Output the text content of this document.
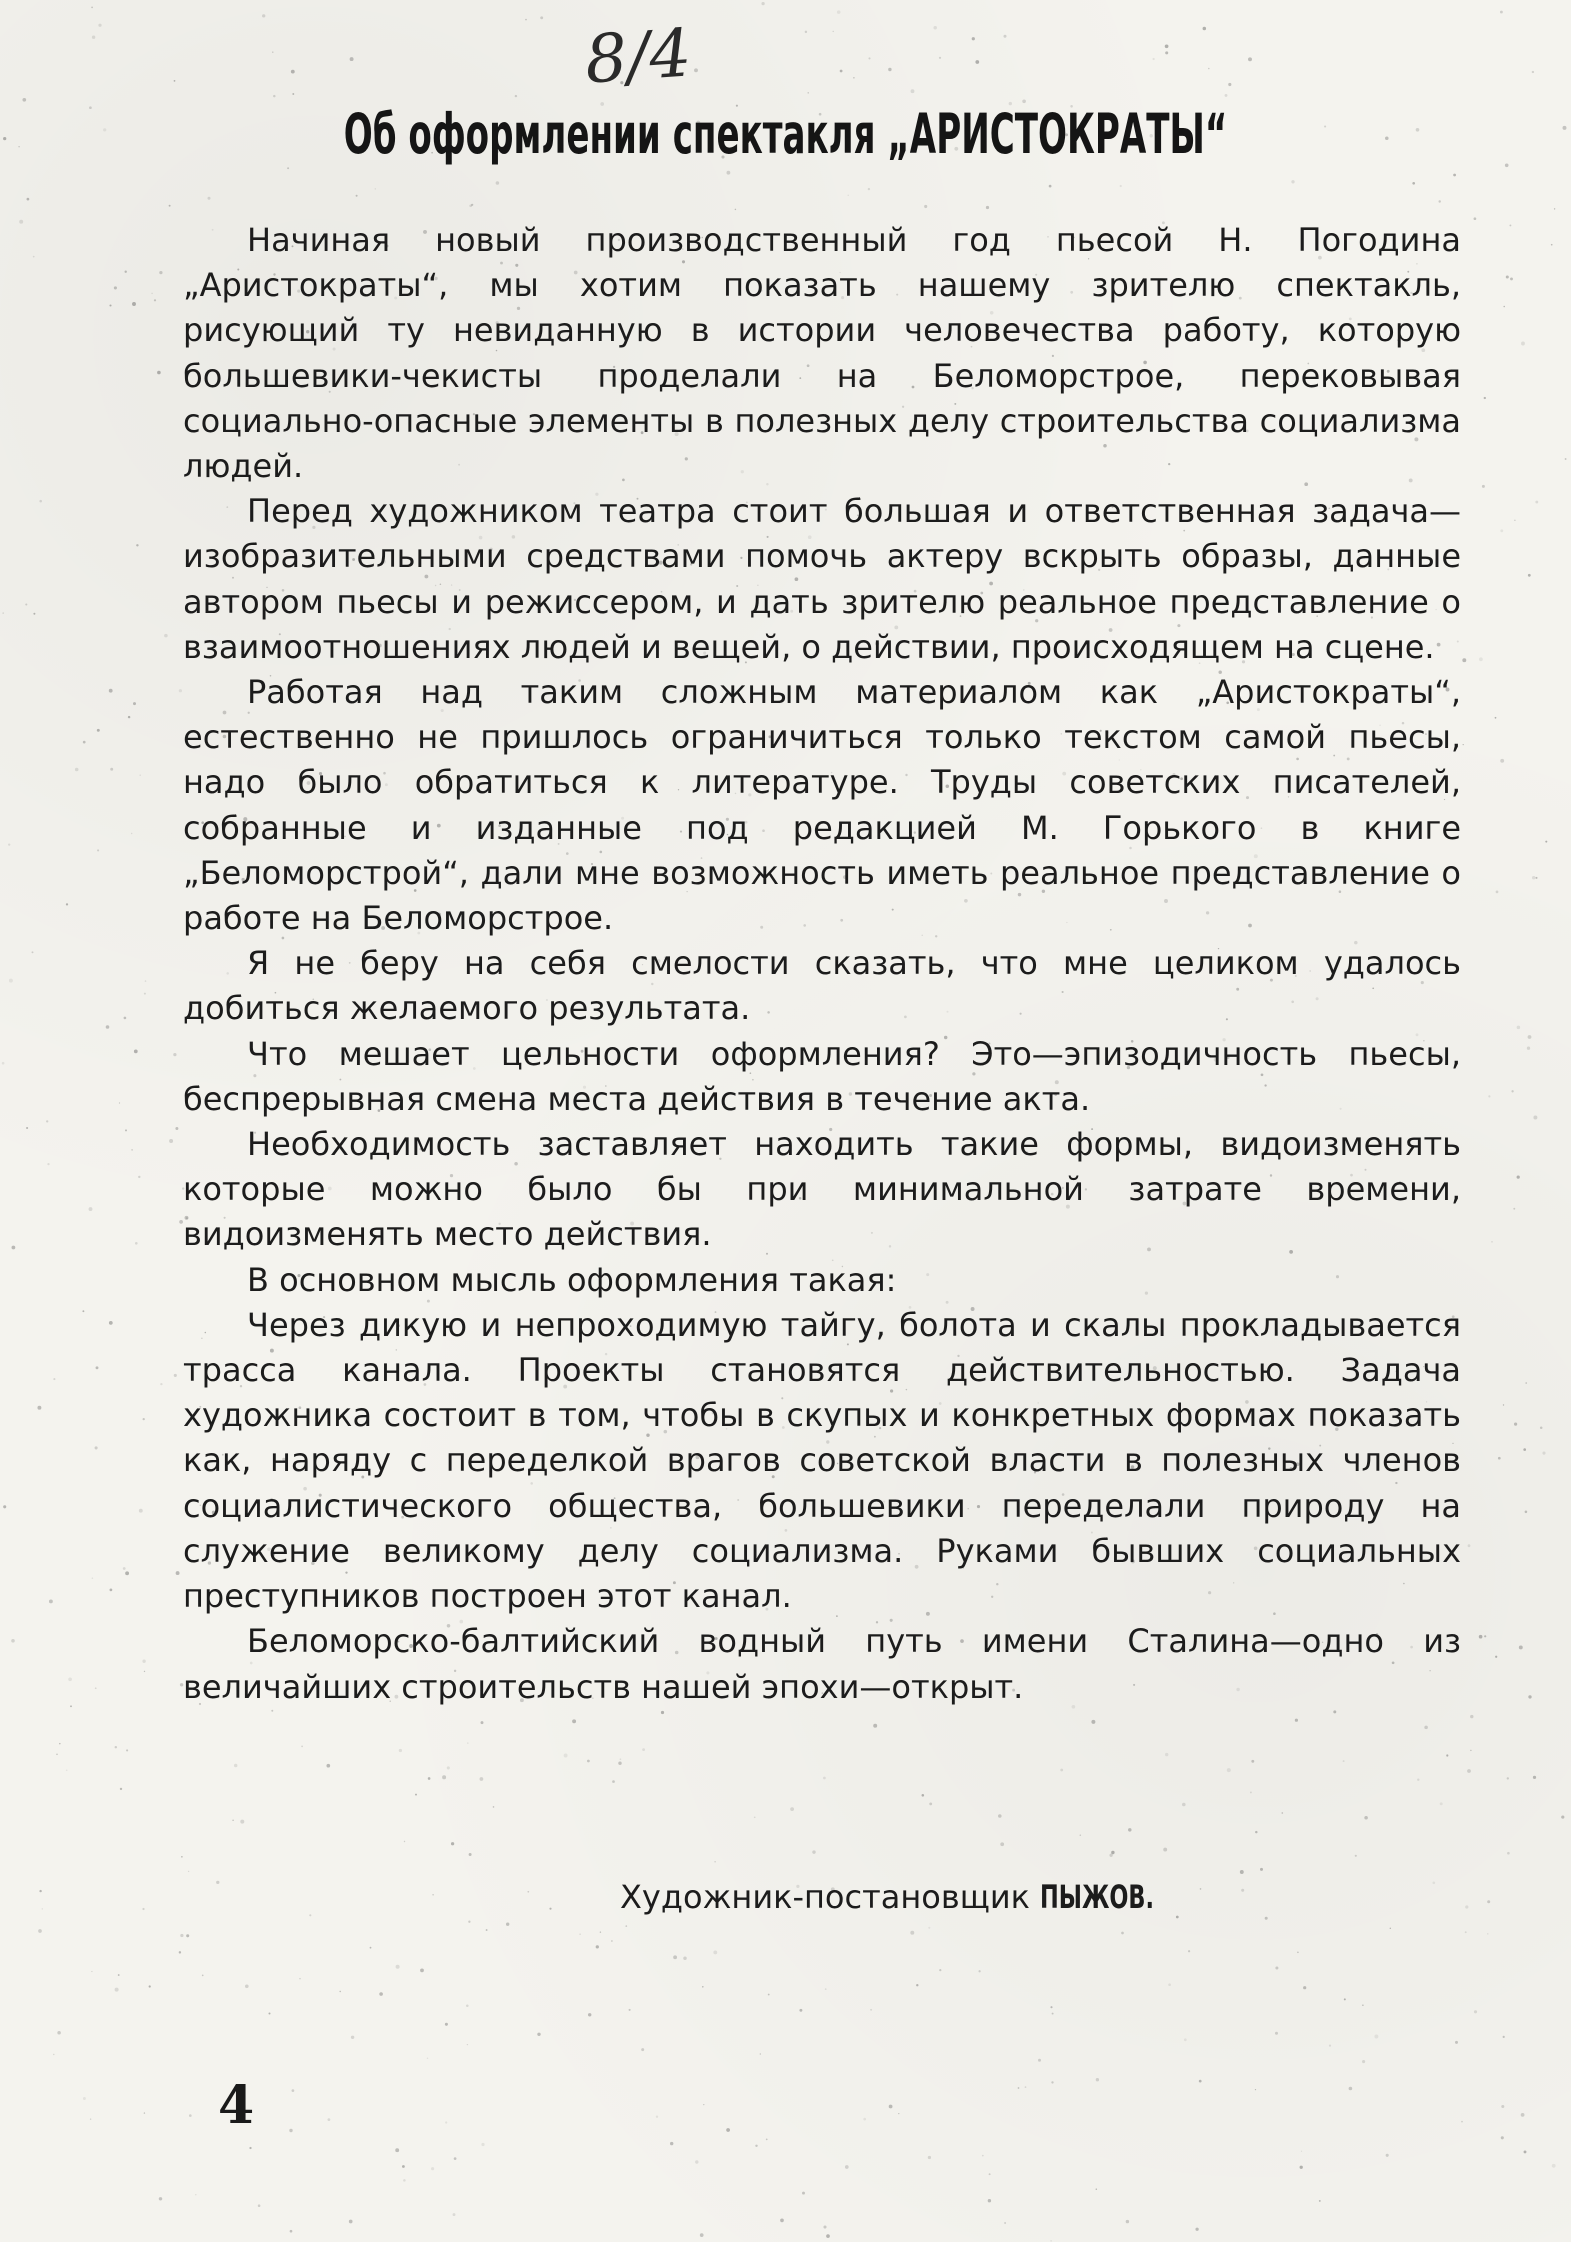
8/4
Об оформлении спектакля „АРИСТОКРАТЫ“

Начиная новый производственный год пьесой Н. Погодина „Аристократы“, мы хотим показать нашему зрителю спектакль, рисующий ту невиданную в истории человечества работу, которую большевики-чекисты проделали на Беломорстрое, перековывая социально-опасные элементы в полезных делу строительства социализма людей.

Перед художником театра стоит большая и ответственная задача—изобразительными средствами помочь актеру вскрыть образы, данные автором пьесы и режиссером, и дать зрителю реальное представление о взаимоотношениях людей и вещей, о действии, происходящем на сцене.

Работая над таким сложным материалом как „Аристократы“, естественно не пришлось ограничиться только текстом самой пьесы, надо было обратиться к литературе. Труды советских писателей, собранные и изданные под редакцией М. Горького в книге „Беломорстрой“, дали мне возможность иметь реальное представление о работе на Беломорстрое.

Я не беру на себя смелости сказать, что мне целиком удалось добиться желаемого результата.

Что мешает цельности оформления? Это—эпизодичность пьесы, беспрерывная смена места действия в течение акта.

Необходимость заставляет находить такие формы, видоизменять которые можно было бы при минимальной затрате времени, видоизменять место действия.

В основном мысль оформления такая:

Через дикую и непроходимую тайгу, болота и скалы прокладывается трасса канала. Проекты становятся действительностью. Задача художника состоит в том, чтобы в скупых и конкретных формах показать как, наряду с переделкой врагов советской власти в полезных членов социалистического общества, большевики переделали природу на служение великому делу социализма. Руками бывших социальных преступников построен этот канал.

Беломорско-балтийский водный путь имени Сталина—одно из величайших строительств нашей эпохи—открыт.

Художник-постановщик ПЫЖОВ.
4
